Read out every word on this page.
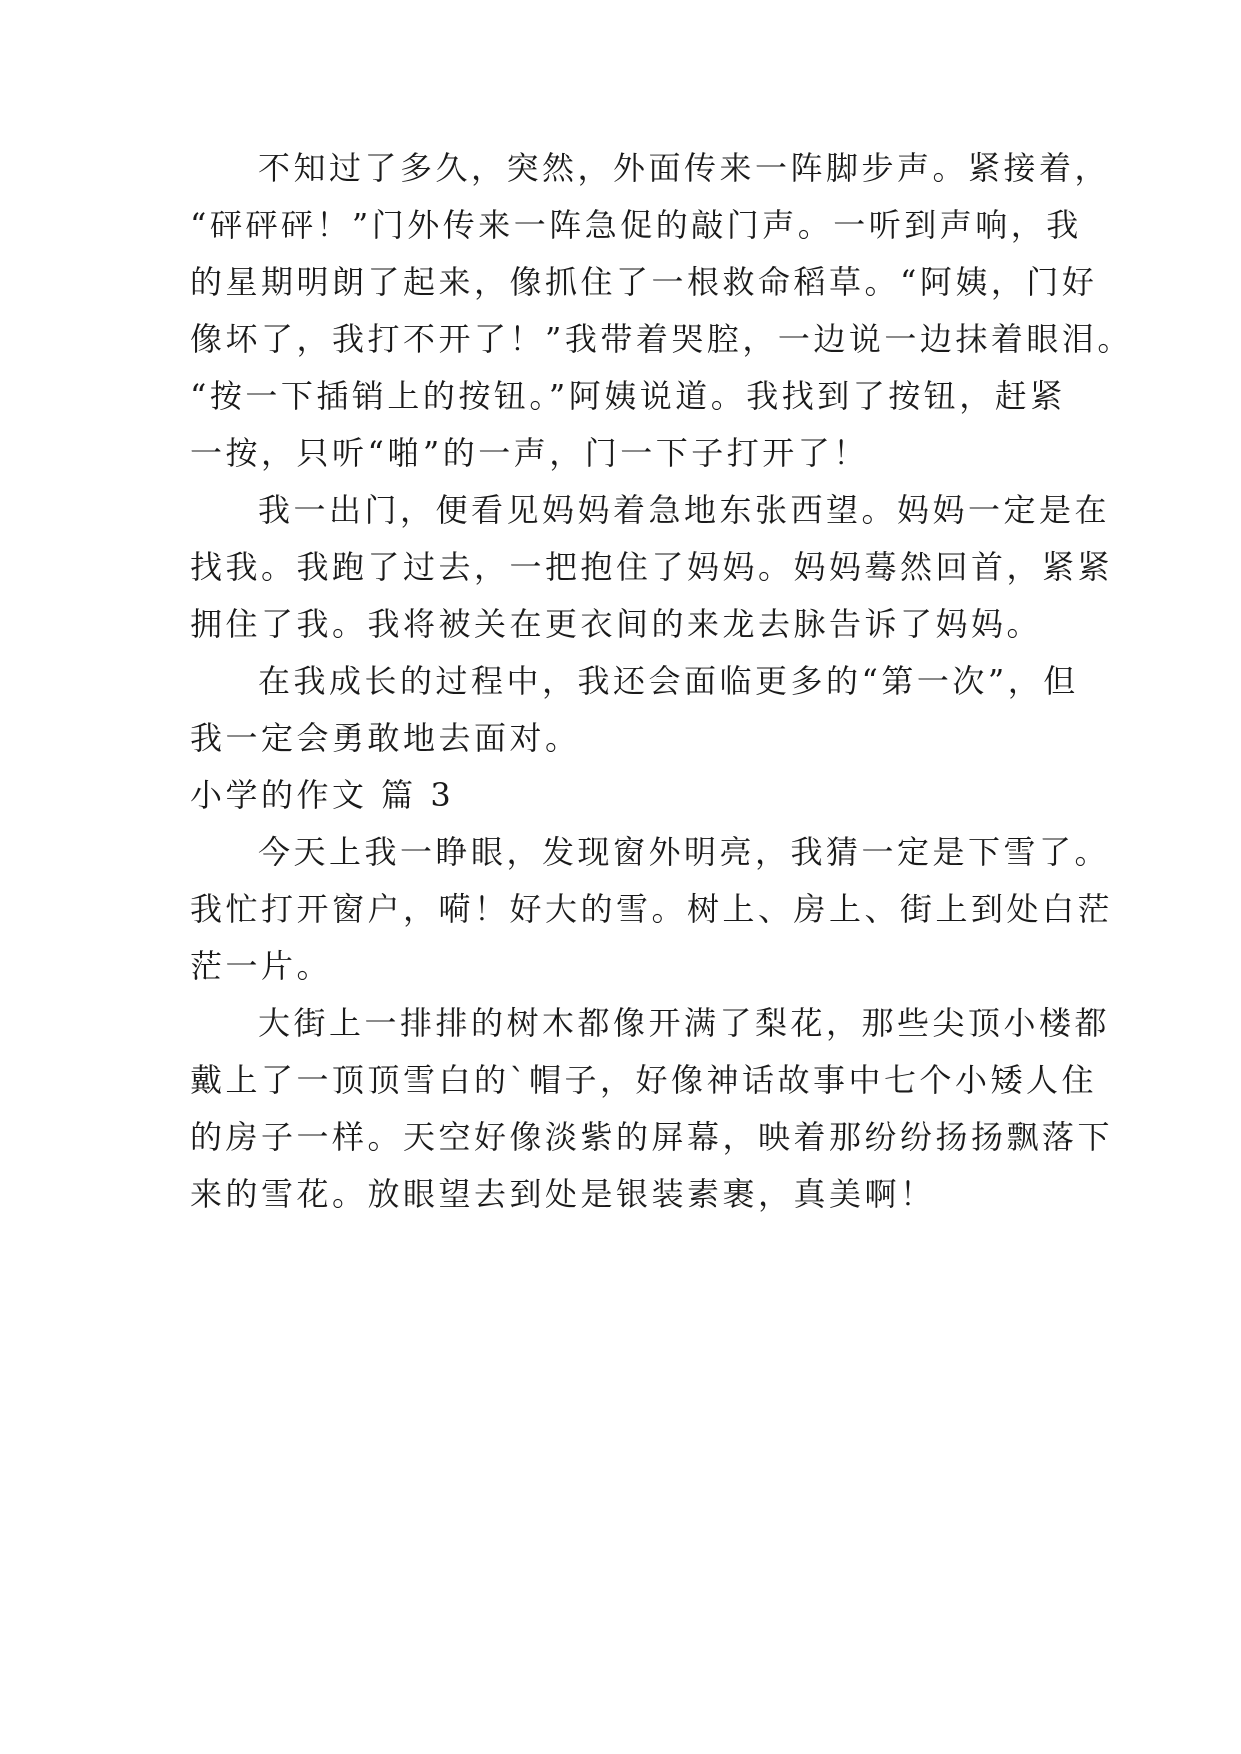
不知过了多久，突然，外面传来一阵脚步声。紧接着，

“砰砰砰！”门外传来一阵急促的敲门声。一听到声响，我

的星期明朗了起来，像抓住了一根救命稻草。“阿姨，门好

像坏了，我打不开了！”我带着哭腔，一边说一边抹着眼泪。

“按一下插销上的按钮。”阿姨说道。我找到了按钮，赶紧

一按，只听“啪”的一声，门一下子打开了！

我一出门，便看见妈妈着急地东张西望。妈妈一定是在

找我。我跑了过去，一把抱住了妈妈。妈妈蓦然回首，紧紧

拥住了我。我将被关在更衣间的来龙去脉告诉了妈妈。

在我成长的过程中，我还会面临更多的“第一次”，但

我一定会勇敢地去面对。

小学的作文 篇 3

今天上我一睁眼，发现窗外明亮，我猜一定是下雪了。

我忙打开窗户，嗬！好大的雪。树上、房上、街上到处白茫

茫一片。

大街上一排排的树木都像开满了梨花，那些尖顶小楼都

戴上了一顶顶雪白的`帽子，好像神话故事中七个小矮人住

的房子一样。天空好像淡紫的屏幕，映着那纷纷扬扬飘落下

来的雪花。放眼望去到处是银装素裹，真美啊！
